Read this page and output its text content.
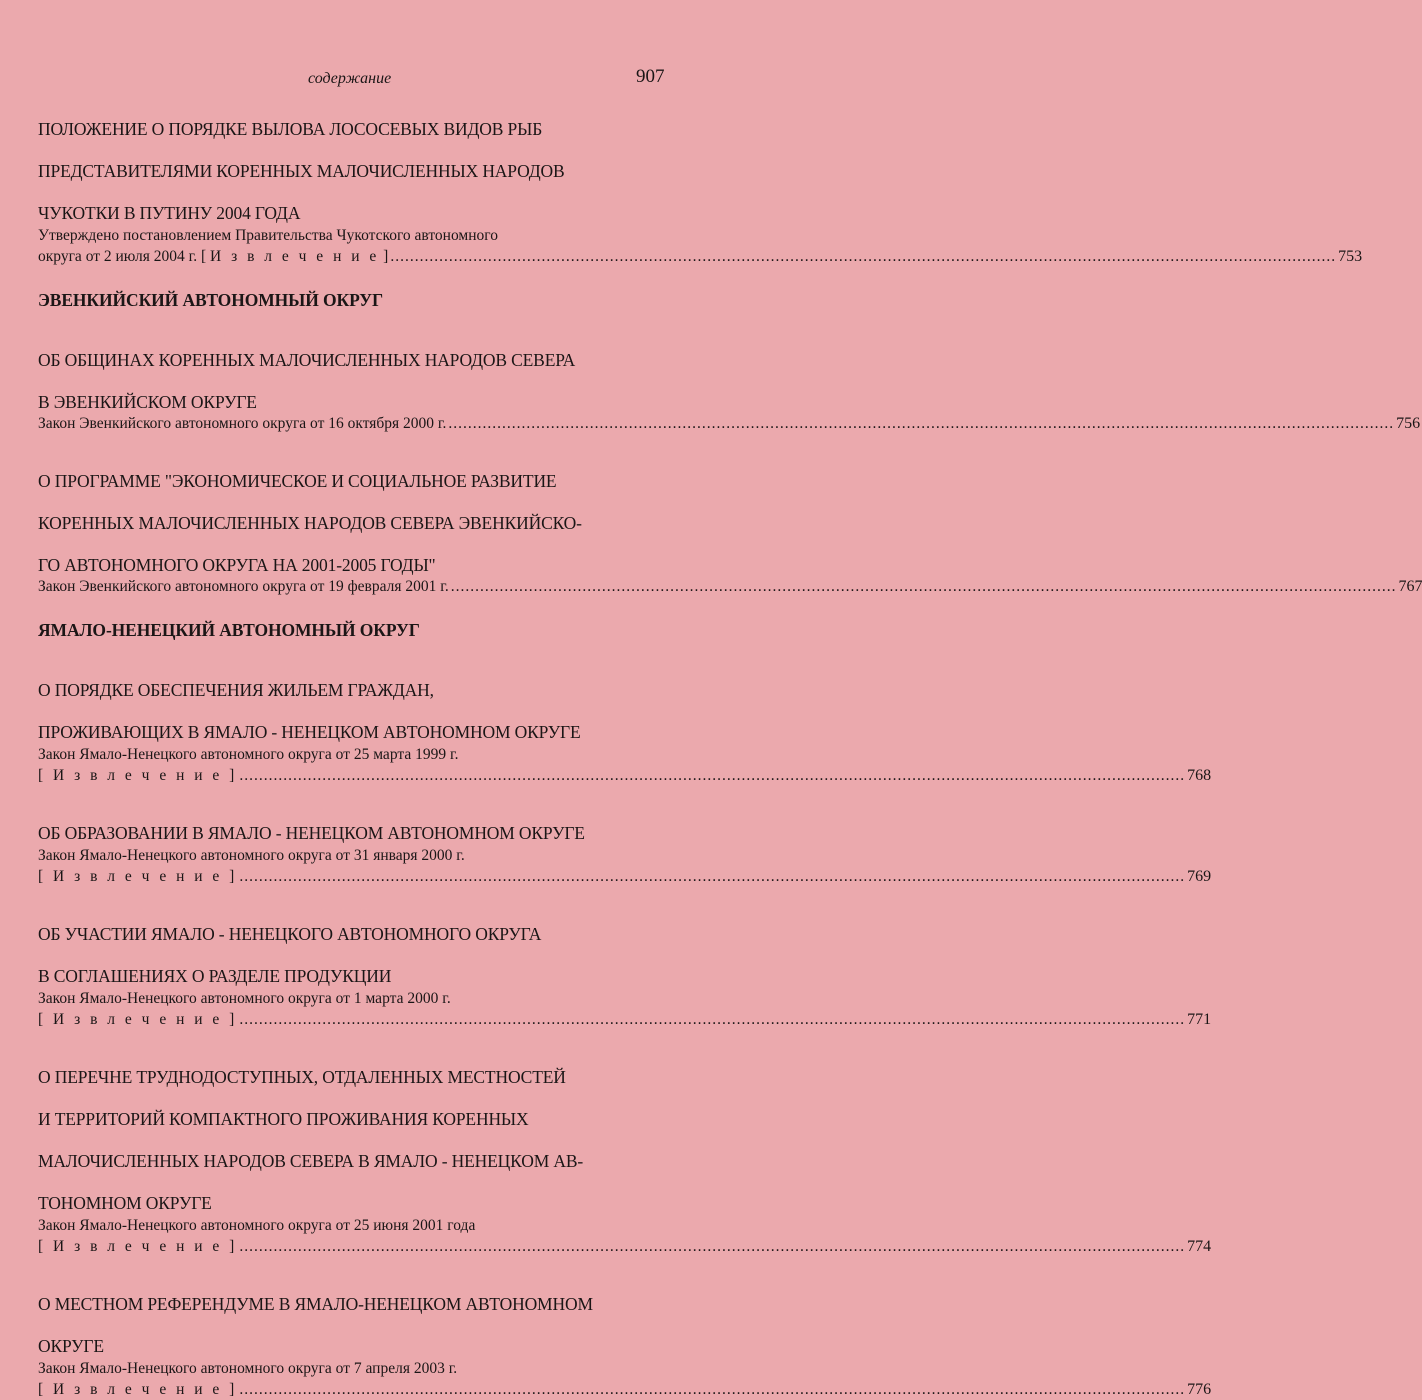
содержание	907

ПОЛОЖЕНИЕ О ПОРЯДКЕ ВЫЛОВА ЛОСОСЕВЫХ ВИДОВ РЫБ

ПРЕДСТАВИТЕЛЯМИ КОРЕННЫХ МАЛОЧИСЛЕННЫХ НАРОДОВ

ЧУКОТКИ В ПУТИНУ 2004 ГОДА

Утверждено постановлением Правительства Чукотского автономного
округа от 2 июля 2004 г. [ И з в л е ч е н и е ] .....	753
ЭВЕНКИЙСКИЙ АВТОНОМНЫЙ ОКРУГ

ОБ ОБЩИНАХ КОРЕННЫХ МАЛОЧИСЛЕННЫХ НАРОДОВ СЕВЕРА

В ЭВЕНКИЙСКОМ ОКРУГЕ

Закон Эвенкийского автономного округа от 16 октября 2000 г. .....	756

О ПРОГРАММЕ "ЭКОНОМИЧЕСКОЕ И СОЦИАЛЬНОЕ РАЗВИТИЕ

КОРЕННЫХ МАЛОЧИСЛЕННЫХ НАРОДОВ СЕВЕРА ЭВЕНКИЙСКО-

ГО АВТОНОМНОГО ОКРУГА НА 2001-2005 ГОДЫ"

Закон Эвенкийского автономного округа от 19 февраля 2001 г. .....	767
ЯМАЛО-НЕНЕЦКИЙ АВТОНОМНЫЙ ОКРУГ

О ПОРЯДКЕ ОБЕСПЕЧЕНИЯ ЖИЛЬЕМ ГРАЖДАН,

ПРОЖИВАЮЩИХ В ЯМАЛО - НЕНЕЦКОМ АВТОНОМНОМ ОКРУГЕ

Закон Ямало-Ненецкого автономного округа от 25 марта 1999 г.
[ И з в л е ч е н и е ] .....	768

ОБ ОБРАЗОВАНИИ В ЯМАЛО - НЕНЕЦКОМ АВТОНОМНОМ ОКРУГЕ

Закон Ямало-Ненецкого автономного округа от 31 января 2000 г.
[ И з в л е ч е н и е ] .....	769

ОБ УЧАСТИИ ЯМАЛО - НЕНЕЦКОГО АВТОНОМНОГО ОКРУГА

В СОГЛАШЕНИЯХ О РАЗДЕЛЕ ПРОДУКЦИИ

Закон Ямало-Ненецкого автономного округа от 1 марта 2000 г.
[ И з в л е ч е н и е ] .....	771

О ПЕРЕЧНЕ ТРУДНОДОСТУПНЫХ, ОТДАЛЕННЫХ МЕСТНОСТЕЙ

И ТЕРРИТОРИЙ КОМПАКТНОГО ПРОЖИВАНИЯ КОРЕННЫХ

МАЛОЧИСЛЕННЫХ НАРОДОВ СЕВЕРА В ЯМАЛО - НЕНЕЦКОМ АВ-

ТОНОМНОМ ОКРУГЕ

Закон Ямало-Ненецкого автономного округа от 25 июня 2001 года
[ И з в л е ч е н и е ] .....	774

О МЕСТНОМ РЕФЕРЕНДУМЕ В ЯМАЛО-НЕНЕЦКОМ АВТОНОМНОМ

ОКРУГЕ

Закон Ямало-Ненецкого автономного округа от 7 апреля 2003 г.
[ И з в л е ч е н и е ] .....	776
